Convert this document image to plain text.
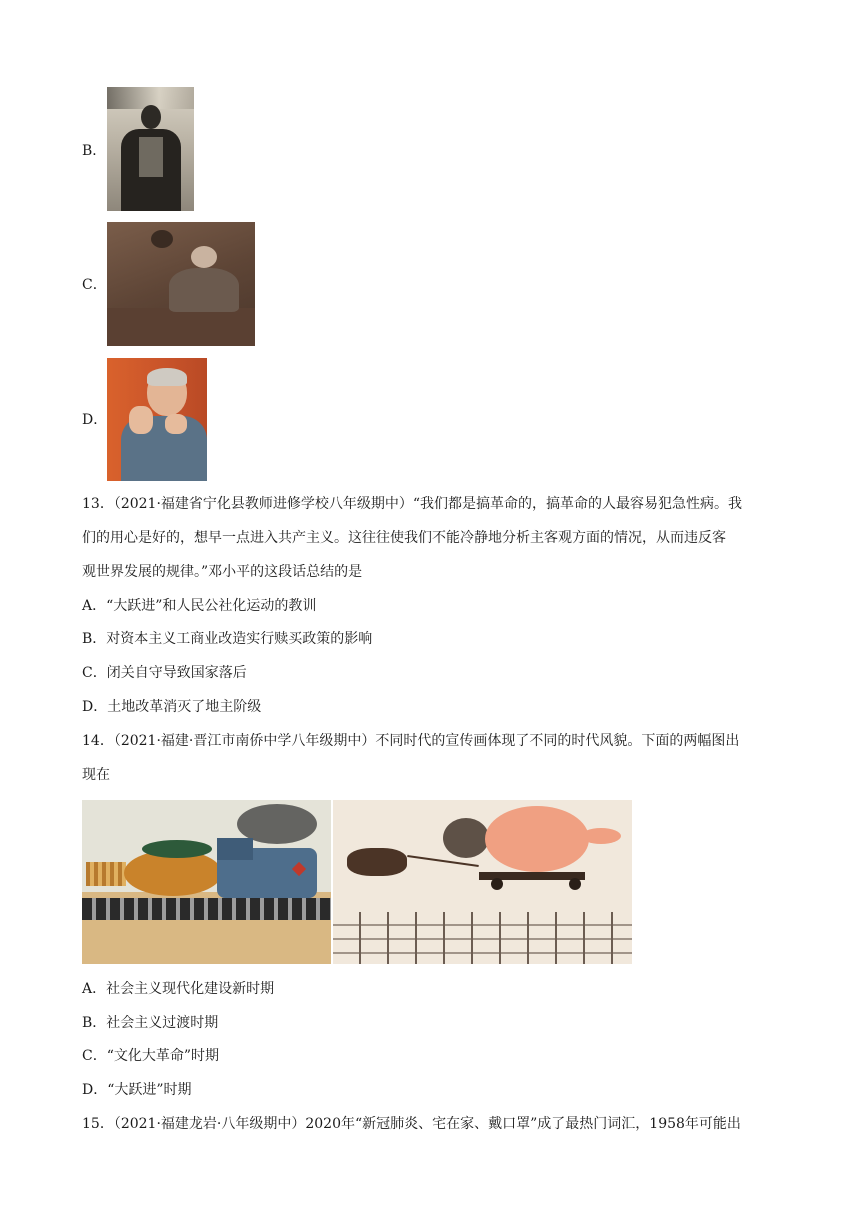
B．
C．
D．
13．（2021·福建省宁化县教师进修学校八年级期中）“我们都是搞革命的，搞革命的人最容易犯急性病。我
们的用心是好的，想早一点进入共产主义。这往往使我们不能冷静地分析主客观方面的情况，从而违反客
观世界发展的规律。”邓小平的这段话总结的是
A．“大跃进”和人民公社化运动的教训
B．对资本主义工商业改造实行赎买政策的影响
C．闭关自守导致国家落后
D．土地改革消灭了地主阶级
14．（2021·福建·晋江市南侨中学八年级期中）不同时代的宣传画体现了不同的时代风貌。下面的两幅图出
现在
A．社会主义现代化建设新时期
B．社会主义过渡时期
C．“文化大革命”时期
D．“大跃进”时期
15．（2021·福建龙岩·八年级期中）2020年“新冠肺炎、宅在家、戴口罩”成了最热门词汇，1958年可能出
